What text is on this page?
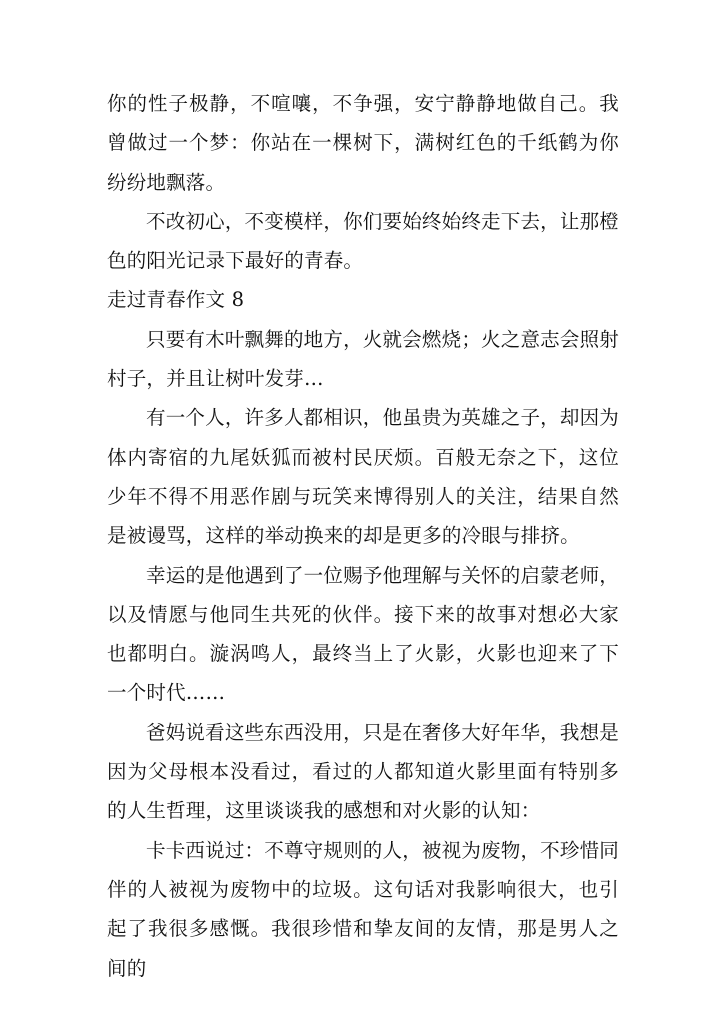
你的性子极静，不喧嚷，不争强，安宁静静地做自己。我曾做过一个梦：你站在一棵树下，满树红色的千纸鹤为你纷纷地飘落。

不改初心，不变模样，你们要始终始终走下去，让那橙色的阳光记录下最好的青春。

走过青春作文 8

只要有木叶飘舞的地方，火就会燃烧；火之意志会照射村子，并且让树叶发芽…

有一个人，许多人都相识，他虽贵为英雄之子，却因为体内寄宿的九尾妖狐而被村民厌烦。百般无奈之下，这位少年不得不用恶作剧与玩笑来博得别人的关注，结果自然是被谩骂，这样的举动换来的却是更多的冷眼与排挤。

幸运的是他遇到了一位赐予他理解与关怀的启蒙老师，以及情愿与他同生共死的伙伴。接下来的故事对想必大家也都明白。漩涡鸣人，最终当上了火影，火影也迎来了下一个时代……

爸妈说看这些东西没用，只是在奢侈大好年华，我想是因为父母根本没看过，看过的人都知道火影里面有特别多的人生哲理，这里谈谈我的感想和对火影的认知：

卡卡西说过：不尊守规则的人，被视为废物，不珍惜同伴的人被视为废物中的垃圾。这句话对我影响很大，也引起了我很多感慨。我很珍惜和挚友间的友情，那是男人之间的
